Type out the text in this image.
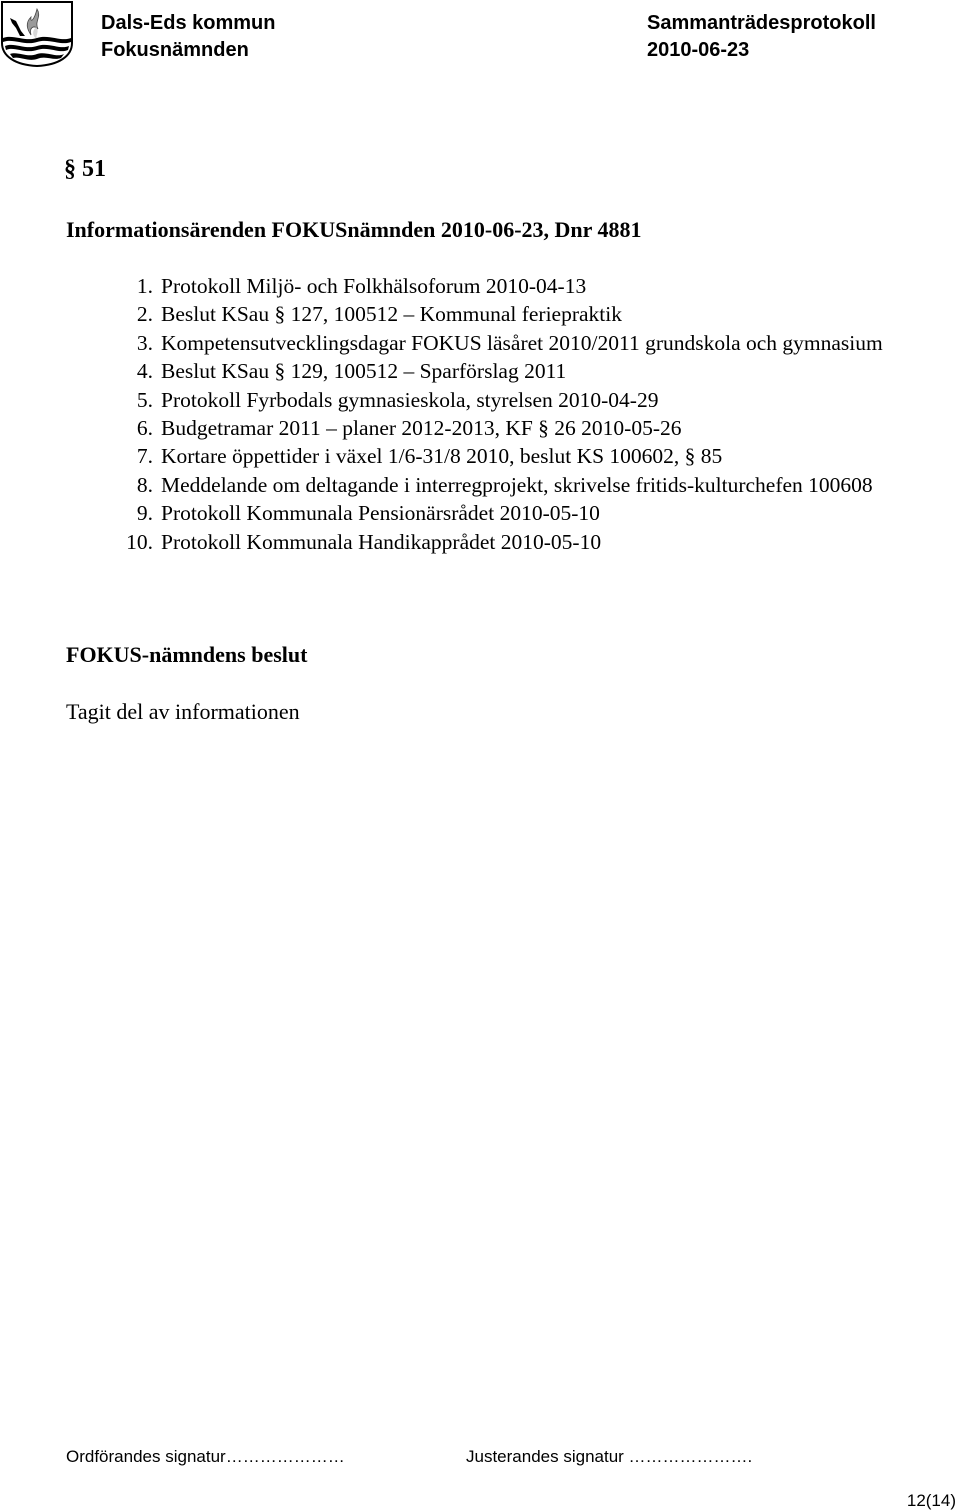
Dals-Eds kommun
Fokusnämnden
Sammanträdesprotokoll
2010-06-23
§ 51
Informationsärenden FOKUSnämnden 2010-06-23, Dnr 4881
1. Protokoll Miljö- och Folkhälsoforum 2010-04-13
2. Beslut KSau § 127, 100512 – Kommunal feriepraktik
3. Kompetensutvecklingsdagar FOKUS läsåret 2010/2011 grundskola och gymnasium
4. Beslut KSau § 129, 100512 – Sparförslag 2011
5. Protokoll Fyrbodals gymnasieskola, styrelsen 2010-04-29
6. Budgetramar 2011 – planer 2012-2013, KF § 26 2010-05-26
7. Kortare öppettider i växel 1/6-31/8 2010, beslut KS 100602, § 85
8. Meddelande om deltagande i interregprojekt, skrivelse fritids-kulturchefen 100608
9. Protokoll Kommunala Pensionärsrådet 2010-05-10
10. Protokoll Kommunala Handikapprådet 2010-05-10
FOKUS-nämndens beslut
Tagit del av informationen
Ordförandes signatur…………………	Justerandes signatur ………………….
12(14)
